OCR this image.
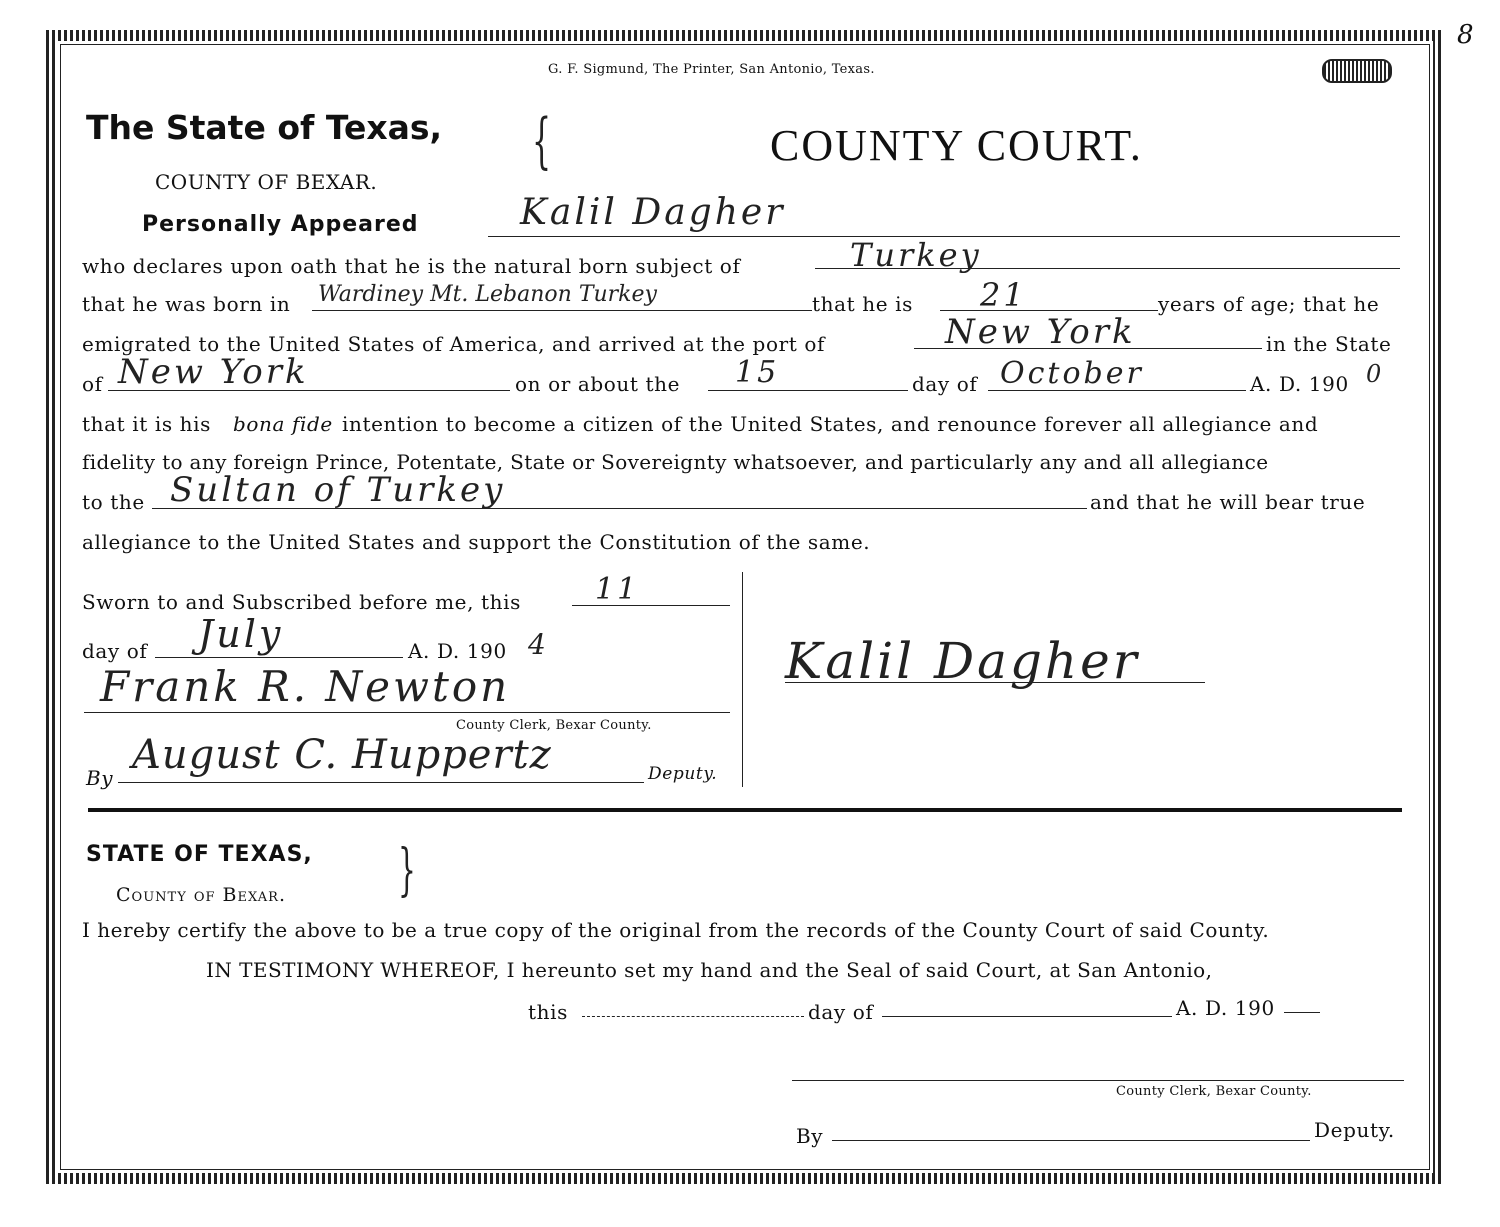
8
G. F. Sigmund, The Printer, San Antonio, Texas.
The State of Texas, {
COUNTY OF BEXAR.
COUNTY COURT.
Personally Appeared	Kalil Dagher
who declares upon oath that he is the natural born subject of	Turkey
that he was born in Wardiney Mt. Lebanon Turkey	that he is 21	years of age; that he
emigrated to the United States of America, and arrived at the port of	New York	in the State
of New York	on or about the 15	day of October	A. D. 190 0
that it is his bona fide intention to become a citizen of the United States, and renounce forever all allegiance and
fidelity to any foreign Prince, Potentate, State or Sovereignty whatsoever, and particularly any and all allegiance
to the Sultan of Turkey	and that he will bear true
allegiance to the United States and support the Constitution of the same.
Sworn to and Subscribed before me, this 11
day of July	A. D. 190 4
Frank R. Newton
County Clerk, Bexar County.
By August C. Huppertz	Deputy.
Kalil Dagher
STATE OF TEXAS, }
County of Bexar.
I hereby certify the above to be a true copy of the original from the records of the County Court of said County.
IN TESTIMONY WHEREOF, I hereunto set my hand and the Seal of said Court, at San Antonio,
this	day of	A. D. 190
County Clerk, Bexar County.
By	Deputy.
